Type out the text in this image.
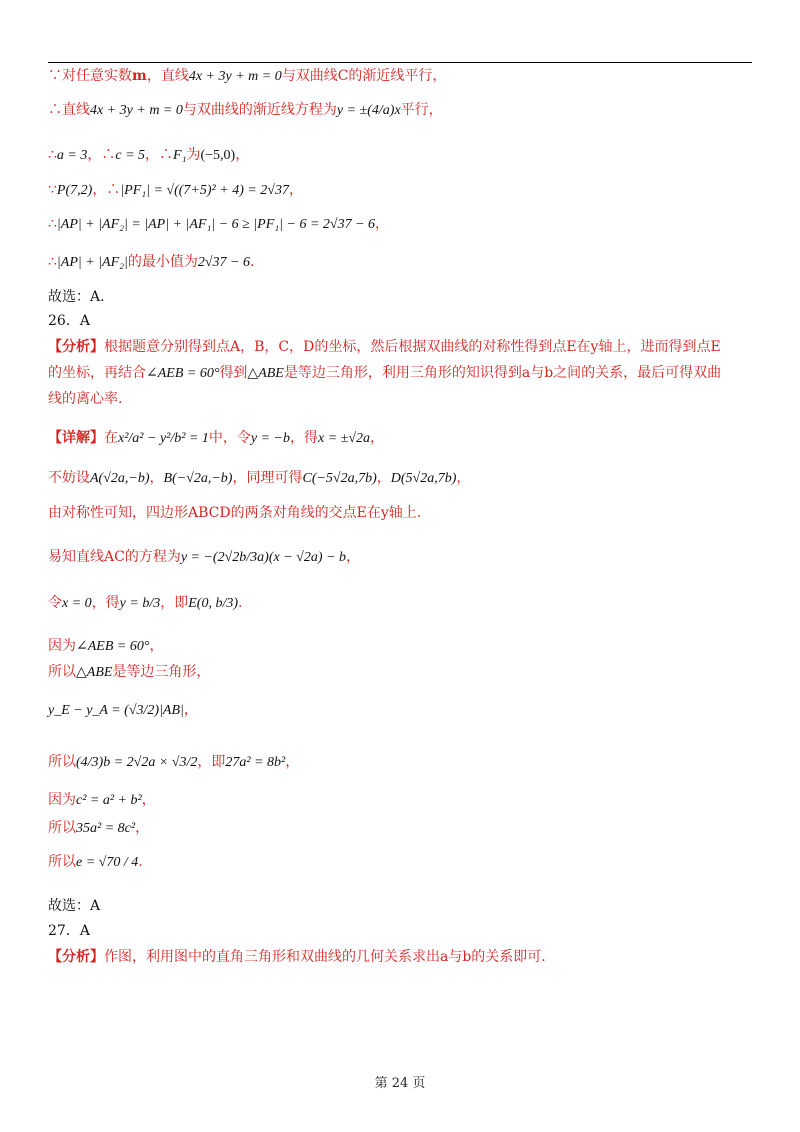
∵对任意实数m，直线4x + 3y + m = 0与双曲线C的渐近线平行，
∴直线4x + 3y + m = 0与双曲线的渐近线方程为y = ±(4/a)x平行，
∴a = 3，∴c = 5，∴F₁为(−5,0)，
∵P(7,2)，∴|PF₁| = √((7+5)² + 4) = 2√37，
∴|AP| + |AF₂| = |AP| + |AF₁| − 6 ≥ |PF₁| − 6 = 2√37 − 6，
∴|AP| + |AF₂|的最小值为2√37 − 6.
故选：A.
26．A
【分析】根据题意分别得到点A，B，C，D的坐标，然后根据双曲线的对称性得到点E在y轴上，进而得到点E
的坐标，再结合∠AEB = 60°得到△ABE是等边三角形，利用三角形的知识得到a与b之间的关系，最后可得双曲
线的离心率.
【详解】在x²/a² − y²/b² = 1中，令y = −b，得x = ±√2a，
不妨设A(√2a,−b)，B(−√2a,−b)，同理可得C(−5√2a,7b)，D(5√2a,7b)，
由对称性可知，四边形ABCD的两条对角线的交点E在y轴上.
易知直线AC的方程为y = −(2√2b/3a)(x − √2a) − b，
令x = 0，得y = b/3，即E(0, b/3).
因为∠AEB = 60°，
所以△ABE是等边三角形，
y_E − y_A = (√3/2)|AB|，
所以(4/3)b = 2√2a × √3/2，即27a² = 8b²，
因为c² = a² + b²，
所以35a² = 8c²，
所以e = √70 / 4.
故选：A
27．A
【分析】作图，利用图中的直角三角形和双曲线的几何关系求出a与b的关系即可.
第 24 页
